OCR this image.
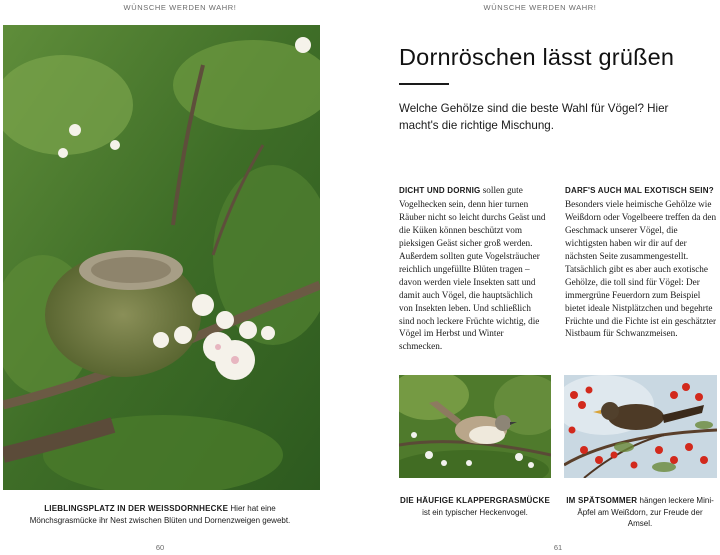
WÜNSCHE WERDEN WAHR!	WÜNSCHE WERDEN WAHR!
LIEBLINGSPLATZ IN DER WEISSDORNHECKE Hier hat eine Mönchsgrasmücke ihr Nest zwischen Blüten und Dornenzweigen gewebt.
60
Dornröschen lässt grüßen

Welche Gehölze sind die beste Wahl für Vögel? Hier macht's die richtige Mischung.

DICHT UND DORNIG sollen gute Vogelhecken sein, denn hier turnen Räuber nicht so leicht durchs Geäst und die Küken können beschützt vom pieksigen Geäst sicher groß werden. Außerdem sollten gute Vogelsträucher reichlich ungefüllte Blüten tragen – davon werden viele Insekten satt und damit auch Vögel, die hauptsächlich von Insekten leben. Und schließlich sind noch leckere Früchte wichtig, die Vögel im Herbst und Winter schmecken.
DARF'S AUCH MAL EXOTISCH SEIN? Besonders viele heimische Gehölze wie Weißdorn oder Vogelbeere treffen da den Geschmack unserer Vögel, die wichtigsten haben wir dir auf der nächsten Seite zusammengestellt. Tatsächlich gibt es aber auch exotische Gehölze, die toll sind für Vögel: Der immergrüne Feuerdorn zum Beispiel bietet ideale Nistplätzchen und begehrte Früchte und die Fichte ist ein geschätzter Nistbaum für Schwanzmeisen.
DIE HÄUFIGE KLAPPERGRASMÜCKE
ist ein typischer Heckenvogel.
IM SPÄTSOMMER hängen leckere Mini-Äpfel am Weißdorn, zur Freude der Amsel.
61
